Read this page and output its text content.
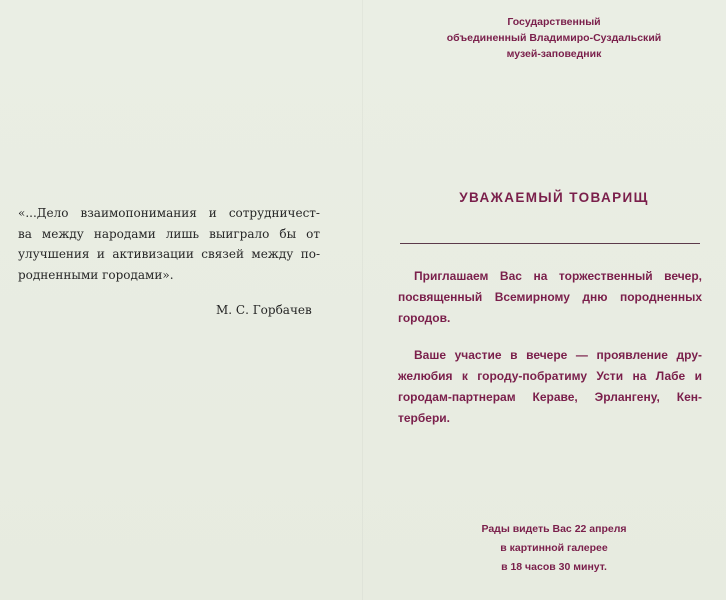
«...Дело взаимопонимания и сотрудничест-
ва между народами лишь выиграло бы от
улучшения и активизации связей между по-
родненными городами».
М. С. Горбачев
Государственный
объединенный Владимиро-Суздальский
музей-заповедник
УВАЖАЕМЫЙ ТОВАРИЩ
Приглашаем Вас на торжественный вечер,
посвященный Всемирному дню породненных
городов.
Ваше участие в вечере — проявление дру-
желюбия к городу-побратиму Усти на Лабе и
городам-партнерам Кераве, Эрлангену, Кен-
тербери.
Рады видеть Вас 22 апреля
в картинной галерее
в 18 часов 30 минут.
